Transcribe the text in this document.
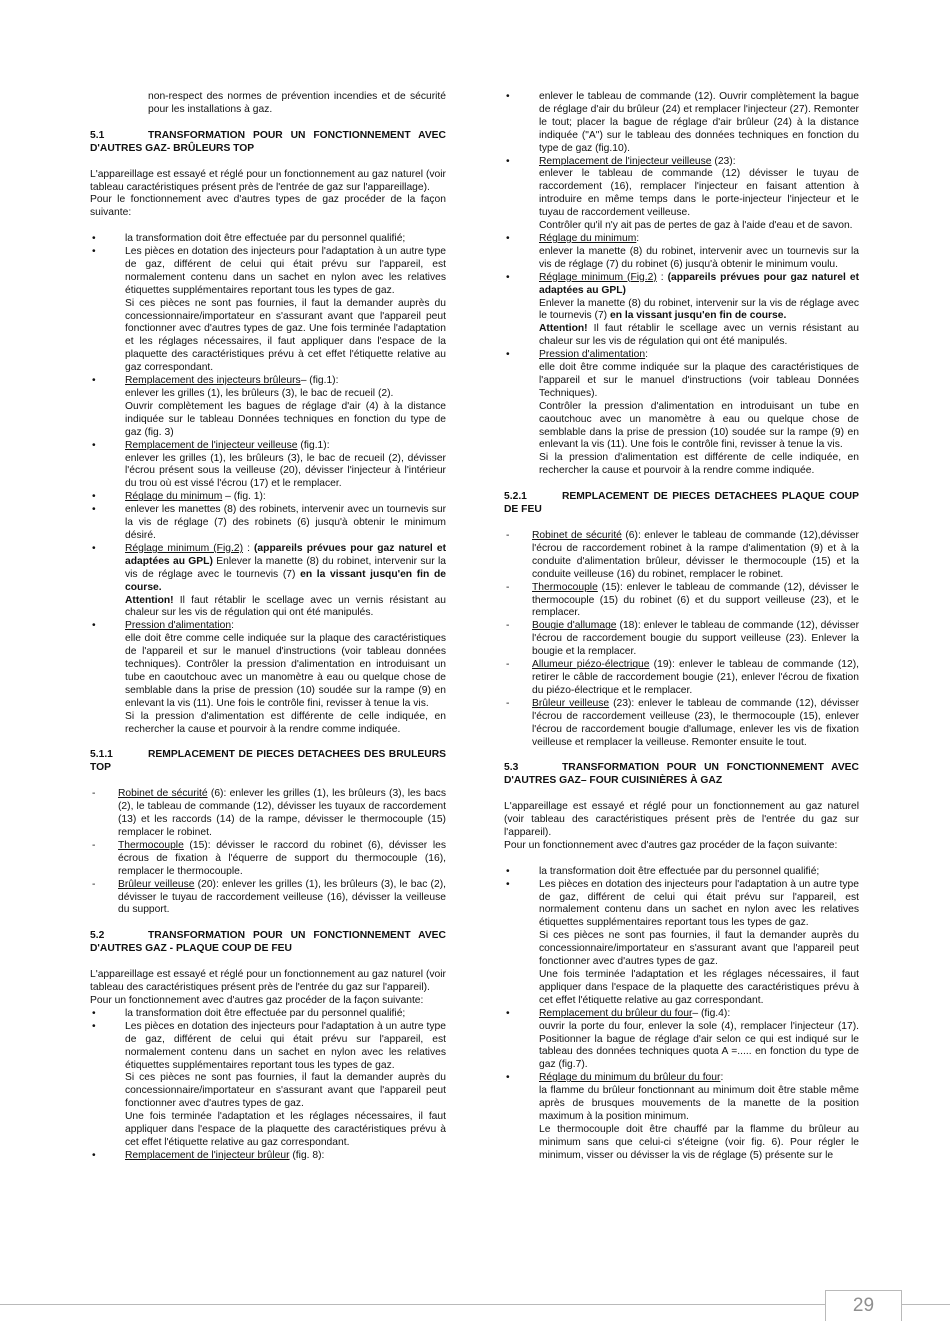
non-respect des normes de prévention incendies et de sécurité pour les installations à gaz.

5.1	TRANSFORMATION POUR UN FONCTIONNEMENT AVEC D'AUTRES GAZ- BRÛLEURS TOP

L'appareillage est essayé et réglé pour un fonctionnement au gaz naturel (voir tableau caractéristiques présent près de l'entrée de gaz sur l'appareillage).

Pour le fonctionnement avec d'autres types de gaz procéder de la façon suivante:

• la transformation doit être effectuée par du personnel qualifié;

• Les pièces en dotation des injecteurs pour l'adaptation à un autre type de gaz, différent de celui qui était prévu sur l'appareil, est normalement contenu dans un sachet en nylon avec les relatives étiquettes supplémentaires reportant tous les types de gaz.

Si ces pièces ne sont pas fournies, il faut la demander auprès du concessionnaire/importateur en s'assurant avant que l'appareil peut fonctionner avec d'autres types de gaz. Une fois terminée l'adaptation et les réglages nécessaires, il faut appliquer dans l'espace de la plaquette des caractéristiques prévu à cet effet l'étiquette relative au gaz correspondant.

• Remplacement des injecteurs brûleurs– (fig.1):

enlever les grilles (1), les brûleurs (3), le bac de recueil (2).

Ouvrir complètement les bagues de réglage d'air (4) à la distance indiquée sur le tableau Données techniques en fonction du type de gaz (fig. 3)

• Remplacement de l'injecteur veilleuse (fig.1):

enlever les grilles (1), les brûleurs (3), le bac de recueil (2), dévisser l'écrou présent sous la veilleuse (20), dévisser l'injecteur à l'intérieur du trou où est vissé l'écrou (17) et le remplacer.

• Réglage du minimum – (fig. 1):

• enlever les manettes (8) des robinets, intervenir avec un tournevis sur la vis de réglage (7) des robinets (6) jusqu'à obtenir le minimum désiré.

• Réglage minimum (Fig.2) : (appareils prévues pour gaz naturel et adaptées au GPL) Enlever la manette (8) du robinet, intervenir sur la vis de réglage avec le tournevis (7) en la vissant jusqu'en fin de course.

Attention! Il faut rétablir le scellage avec un vernis résistant au chaleur sur les vis de régulation qui ont été manipulés.

• Pression d'alimentation:

elle doit être comme celle indiquée sur la plaque des caractéristiques de l'appareil et sur le manuel d'instructions (voir tableau données techniques). Contrôler la pression d'alimentation en introduisant un tube en caoutchouc avec un manomètre à eau ou quelque chose de semblable dans la prise de pression (10) soudée sur la rampe (9) en enlevant la vis (11). Une fois le contrôle fini, revisser à tenue la vis.

Si la pression d'alimentation est différente de celle indiquée, en rechercher la cause et pourvoir à la rendre comme indiquée.

5.1.1	REMPLACEMENT DE PIECES DETACHEES DES BRULEURS TOP
- Robinet de sécurité (6): enlever les grilles (1), les brûleurs (3), les bacs (2), le tableau de commande (12), dévisser les tuyaux de raccordement (13) et les raccords (14) de la rampe, dévisser le thermocouple (15) remplacer le robinet.
- Thermocouple (15): dévisser le raccord du robinet (6), dévisser les écrous de fixation à l'équerre de support du thermocouple (16), remplacer le thermocouple.
- Brûleur veilleuse (20): enlever les grilles (1), les brûleurs (3), le bac (2), dévisser le tuyau de raccordement veilleuse (16), dévisser la veilleuse du support.
5.2	TRANSFORMATION POUR UN FONCTIONNEMENT AVEC D'AUTRES GAZ - PLAQUE COUP DE FEU

L'appareillage est essayé et réglé pour un fonctionnement au gaz naturel (voir tableau des caractéristiques présent près de l'entrée du gaz sur l'appareil).

Pour un fonctionnement avec d'autres gaz procéder de la façon suivante:

• la transformation doit être effectuée par du personnel qualifié;

• Les pièces en dotation des injecteurs pour l'adaptation à un autre type de gaz, différent de celui qui était prévu sur l'appareil, est normalement contenu dans un sachet en nylon avec les relatives étiquettes supplémentaires reportant tous les types de gaz.

Si ces pièces ne sont pas fournies, il faut la demander auprès du concessionnaire/importateur en s'assurant avant que l'appareil peut fonctionner avec d'autres types de gaz.

Une fois terminée l'adaptation et les réglages nécessaires, il faut appliquer dans l'espace de la plaquette des caractéristiques prévu à cet effet l'étiquette relative au gaz correspondant.

• Remplacement de l'injecteur brûleur (fig. 8):

• enlever le tableau de commande (12). Ouvrir complètement la bague de réglage d'air du brûleur (24) et remplacer l'injecteur (27). Remonter le tout; placer la bague de réglage d'air brûleur (24) à la distance indiquée ("A") sur le tableau des données techniques en fonction du type de gaz (fig.10).

• Remplacement de l'injecteur veilleuse (23):

enlever le tableau de commande (12) dévisser le tuyau de raccordement (16), remplacer l'injecteur en faisant attention à introduire en même temps dans le porte-injecteur l'injecteur et le tuyau de raccordement veilleuse.

Contrôler qu'il n'y ait pas de pertes de gaz à l'aide d'eau et de savon.

• Réglage du minimum:

enlever la manette (8) du robinet, intervenir avec un tournevis sur la vis de réglage (7) du robinet (6) jusqu'à obtenir le minimum voulu.

• Réglage minimum (Fig.2) : (appareils prévues pour gaz naturel et adaptées au GPL)

Enlever la manette (8) du robinet, intervenir sur la vis de réglage avec le tournevis (7) en la vissant jusqu'en fin de course.

Attention! Il faut rétablir le scellage avec un vernis résistant au chaleur sur les vis de régulation qui ont été manipulés.

• Pression d'alimentation:

elle doit être comme indiquée sur la plaque des caractéristiques de l'appareil et sur le manuel d'instructions (voir tableau Données Techniques).

Contrôler la pression d'alimentation en introduisant un tube en caoutchouc avec un manomètre à eau ou quelque chose de semblable dans la prise de pression (10) soudée sur la rampe (9) en enlevant la vis (11). Une fois le contrôle fini, revisser à tenue la vis.

Si la pression d'alimentation est différente de celle indiquée, en rechercher la cause et pourvoir à la rendre comme indiquée.

5.2.1	REMPLACEMENT DE PIECES DETACHEES PLAQUE COUP DE FEU
- Robinet de sécurité (6): enlever le tableau de commande (12),dévisser l'écrou de raccordement robinet à la rampe d'alimentation (9) et à la conduite d'alimentation brûleur, dévisser le thermocouple (15) et la conduite veilleuse (16) du robinet, remplacer le robinet.
- Thermocouple (15): enlever le tableau de commande (12), dévisser le thermocouple (15) du robinet (6) et du support veilleuse (23), et le remplacer.
- Bougie d'allumage (18): enlever le tableau de commande (12), dévisser l'écrou de raccordement bougie du support veilleuse (23). Enlever la bougie et la remplacer.
- Allumeur piézo-électrique (19): enlever le tableau de commande (12), retirer le câble de raccordement bougie (21), enlever l'écrou de fixation du piézo-électrique et le remplacer.
- Brûleur veilleuse (23): enlever le tableau de commande (12), dévisser l'écrou de raccordement veilleuse (23), le thermocouple (15), enlever l'écrou de raccordement bougie d'allumage, enlever les vis de fixation veilleuse et remplacer la veilleuse. Remonter ensuite le tout.
5.3	TRANSFORMATION POUR UN FONCTIONNEMENT AVEC D'AUTRES GAZ– FOUR CUISINIÈRES À GAZ

L'appareillage est essayé et réglé pour un fonctionnement au gaz naturel (voir tableau des caractéristiques présent près de l'entrée du gaz sur l'appareil).

Pour un fonctionnement avec d'autres gaz procéder de la façon suivante:

• la transformation doit être effectuée par du personnel qualifié;

• Les pièces en dotation des injecteurs pour l'adaptation à un autre type de gaz, différent de celui qui était prévu sur l'appareil, est normalement contenu dans un sachet en nylon avec les relatives étiquettes supplémentaires reportant tous les types de gaz.

Si ces pièces ne sont pas fournies, il faut la demander auprès du concessionnaire/importateur en s'assurant avant que l'appareil peut fonctionner avec d'autres types de gaz.

Une fois terminée l'adaptation et les réglages nécessaires, il faut appliquer dans l'espace de la plaquette des caractéristiques prévu à cet effet l'étiquette relative au gaz correspondant.

• Remplacement du brûleur du four– (fig.4):

ouvrir la porte du four, enlever la sole (4), remplacer l'injecteur (17). Positionner la bague de réglage d'air selon ce qui est indiqué sur le tableau des données techniques quota A =..... en fonction du type de gaz (fig.7).

• Réglage du minimum du brûleur du four:

la flamme du brûleur fonctionnant au minimum doit être stable même après de brusques mouvements de la manette de la position maximum à la position minimum.

Le thermocouple doit être chauffé par la flamme du brûleur au minimum sans que celui-ci s'éteigne (voir fig. 6). Pour régler le minimum, visser ou dévisser la vis de réglage (5) présente sur le

29
